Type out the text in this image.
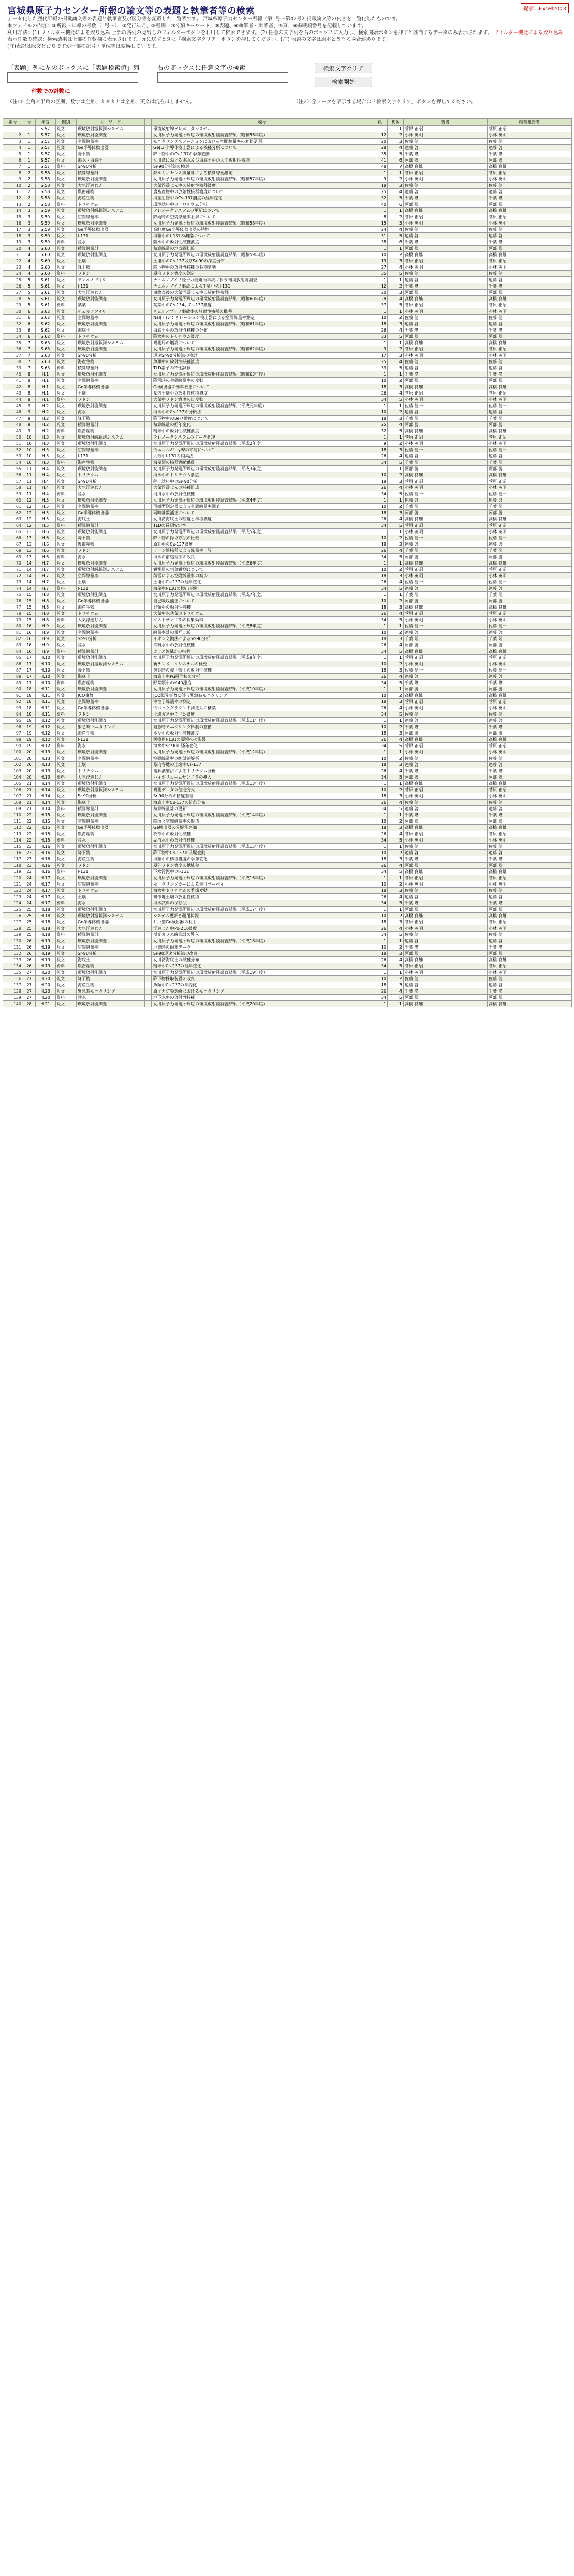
宮城県原子力センター所報の論文等の表題と執筆者等の検索	提示：Excel2003

データ化した歴代所報の掲載論文等の表題と執筆者及び区分等を記載した一覧表です。 宮城県原子力センター所報（第1号〜第42号）掲載論文等の内容を一覧化したものです。

本ファイルの内容：①所報・年報の号数（1号〜）、②発行年月、③種別、④分類キーワード、⑤表題、⑥執筆者・共著者、⑦頁、⑧掲載順番号を記載しています。

利用方法：(1) フィルター機能による絞り込み 上部の各列の見出しのフィルターボタンを利用して検索できます。(2) 任意の文字列を右のボックスに入力し、検索開始ボタンを押すと該当するデータのみ表示されます。 フィルター機能による絞り込み

表示件数の確認：検索結果は上部の件数欄に表示されます。元に戻すときは「検索文字クリア」ボタンを押してください。(注) 表題の文字は原本と異なる場合があります。

(注)表記は原文どおりですが一部の記号・単位等は変換しています。

「表題」列に左のボックスに「表題検索値」列	右のボックスに任意文字の検索	検索文字クリア
検索開始
件数での計数に
（注1）全角と半角の区別、数字は全角、カタカナは全角、英文は混在はしません。	（注2）全データを表示する場合は「検索文字クリア」ボタンを押してください。
番号	号	年度	種別	キーワード		題号	頁	掲載	著者	最初報告者
1	1	S.57	報文	環境放射線観測システム		環境放射線テレメータシステム	1	1	菅原 正昭	菅原 正昭
2	1	S.57	報文	環境放射能調査		女川原子力発電所周辺の環境放射能調査結果（昭和56年度）	12	2	小林 英明	小林 英明
3	1	S.57	報文	空間線量率		モニタリングステーションにおける空間線量率の変動要因	20	3	佐藤 健一	佐藤 健一
4	1	S.57	報文	Ge半導体検出器		Ge(Li)半導体検出器による核種分析について	28	4	遠藤 啓	遠藤 啓
5	1	S.57	報文	降下物		降下物中のCs-137の季節変動	35	5	千葉 隆	千葉 隆
6	1	S.57	報文	海水・海底土		女川湾における海水及び海底土中の人工放射性核種	41	6	阿部 勝	阿部 勝
7	1	S.57	資料	Sr-90分析		Sr-90分析法の検討	48	7	高橋 良雄	高橋 良雄
8	2	S.58	報文	積算線量計		熱ルミネセンス線量計による積算線量測定	1	1	菅原 正昭	菅原 正昭
9	2	S.58	報文	環境放射能調査		女川原子力発電所周辺の環境放射能調査結果（昭和57年度）	9	2	小林 英明	小林 英明
10	2	S.58	報文	大気浮遊じん		大気浮遊じん中の放射性核種濃度	18	3	佐藤 健一	佐藤 健一
11	2	S.58	報文	農畜産物		農畜産物中の放射性核種濃度について	25	4	遠藤 啓	遠藤 啓
12	2	S.58	報文	海産生物		海産生物中のCs-137濃度の経年変化	32	5	千葉 隆	千葉 隆
13	2	S.58	資料	トリチウム		環境試料中のトリチウム分析	40	6	阿部 勝	阿部 勝
14	3	S.59	報文	環境放射線観測システム		テレメータシステムの更新について	1	1	高橋 良雄	高橋 良雄
15	3	S.59	報文	空間線量率		降雨時の空間線量率上昇について	8	2	菅原 正昭	菅原 正昭
16	3	S.59	報文	環境放射能調査		女川原子力発電所周辺の環境放射能調査結果（昭和58年度）	15	3	小林 英明	小林 英明
17	3	S.59	報文	Ge半導体検出器		高純度Ge半導体検出器の特性	24	4	佐藤 健一	佐藤 健一
18	3	S.59	報文	I-131		海藻中のI-131の濃縮について	31	5	遠藤 啓	遠藤 啓
19	3	S.59	資料	陸水		陸水中の放射性核種濃度	38	6	千葉 隆	千葉 隆
20	4	S.60	報文	積算線量計		積算線量の地点間比較	1	1	阿部 勝	阿部 勝
21	4	S.60	報文	環境放射能調査		女川原子力発電所周辺の環境放射能調査結果（昭和59年度）	10	2	高橋 良雄	高橋 良雄
22	4	S.60	報文	土壌		土壌中のCs-137及びSr-90の深度分布	19	3	菅原 正昭	菅原 正昭
23	4	S.60	報文	降下物		降下物中の放射性核種の長期変動	27	4	小林 英明	小林 英明
24	4	S.60	資料	ラドン		屋内ラドン濃度の測定	35	5	佐藤 健一	佐藤 健一
25	5	S.61	報文	チェルノブイリ		チェルノブイリ原子力発電所事故に伴う環境放射能調査	1	1	遠藤 啓	遠藤 啓
26	5	S.61	報文	I-131		チェルノブイリ事故による牛乳中のI-131	12	2	千葉 隆	千葉 隆
27	5	S.61	報文	大気浮遊じん		事故直後の大気浮遊じん中の放射性核種	20	3	阿部 勝	阿部 勝
28	5	S.61	報文	環境放射能調査		女川原子力発電所周辺の環境放射能調査結果（昭和60年度）	28	4	高橋 良雄	高橋 良雄
29	5	S.61	資料	葉菜		葉菜中のCs-134、Cs-137濃度	37	5	菅原 正昭	菅原 正昭
30	6	S.62	報文	チェルノブイリ		チェルノブイリ事故後の放射性核種の推移	1	1	小林 英明	小林 英明
31	6	S.62	報文	空間線量率		NaI(Tl)シンチレーション検出器による空間線量率測定	10	2	佐藤 健一	佐藤 健一
32	6	S.62	報文	環境放射能調査		女川原子力発電所周辺の環境放射能調査結果（昭和61年度）	18	3	遠藤 啓	遠藤 啓
33	6	S.62	報文	海底土		海底土中の放射性核種の分布	26	4	千葉 隆	千葉 隆
34	6	S.62	資料	トリチウム		降水中のトリチウム濃度	33	5	阿部 勝	阿部 勝
35	7	S.63	報文	環境放射線観測システム		観測局の増設について	1	1	高橋 良雄	高橋 良雄
36	7	S.63	報文	環境放射能調査		女川原子力発電所周辺の環境放射能調査結果（昭和62年度）	9	2	菅原 正昭	菅原 正昭
37	7	S.63	報文	Sr-90分析		迅速Sr-90分析法の検討	17	3	小林 英明	小林 英明
38	7	S.63	報文	海産生物		魚類中の放射性核種濃度	25	4	佐藤 健一	佐藤 健一
39	7	S.63	資料	積算線量計		TLD素子の特性試験	33	5	遠藤 啓	遠藤 啓
40	8	H.1	報文	環境放射能調査		女川原子力発電所周辺の環境放射能調査結果（昭和63年度）	1	1	千葉 隆	千葉 隆
41	8	H.1	報文	空間線量率		降雪時の空間線量率の変動	10	2	阿部 勝	阿部 勝
42	8	H.1	報文	Ge半導体検出器		Ge検出器の効率校正について	18	3	高橋 良雄	高橋 良雄
43	8	H.1	報文	土壌		県内土壌中の放射性核種濃度	26	4	菅原 正昭	菅原 正昭
44	8	H.1	資料	ラドン		大気中ラドン濃度の日変動	34	5	小林 英明	小林 英明
45	9	H.2	報文	環境放射能調査		女川原子力発電所周辺の環境放射能調査結果（平成元年度）	1	1	佐藤 健一	佐藤 健一
46	9	H.2	報文	海水		海水中のCs-137の分析法	10	2	遠藤 啓	遠藤 啓
47	9	H.2	報文	降下物		降下物中のBe-7濃度について	18	3	千葉 隆	千葉 隆
48	9	H.2	報文	積算線量計		積算線量の経年変化	25	4	阿部 勝	阿部 勝
49	9	H.2	資料	農畜産物		精米中の放射性核種濃度	32	5	高橋 良雄	高橋 良雄
50	10	H.3	報文	環境放射線観測システム		テレメータシステムのデータ処理	1	1	菅原 正昭	菅原 正昭
51	10	H.3	報文	環境放射能調査		女川原子力発電所周辺の環境放射能調査結果（平成2年度）	9	2	小林 英明	小林 英明
52	10	H.3	報文	空間線量率		低エネルギーγ線の寄与について	18	3	佐藤 健一	佐藤 健一
53	10	H.3	報文	I-131		大気中I-131の捕集法	26	4	遠藤 啓	遠藤 啓
54	10	H.3	資料	海産生物		海藻類の核種濃縮係数	34	5	千葉 隆	千葉 隆
55	11	H.4	報文	環境放射能調査		女川原子力発電所周辺の環境放射能調査結果（平成3年度）	1	1	阿部 勝	阿部 勝
56	11	H.4	報文	トリチウム		海水中のトリチウム濃度	10	2	高橋 良雄	高橋 良雄
57	11	H.4	報文	Sr-90分析		陸上試料中のSr-90分析	18	3	菅原 正昭	菅原 正昭
58	11	H.4	報文	大気浮遊じん		大気浮遊じんの核種組成	26	4	小林 英明	小林 英明
59	11	H.4	資料	陸水		河川水中の放射性核種	34	5	佐藤 健一	佐藤 健一
60	12	H.5	報文	環境放射能調査		女川原子力発電所周辺の環境放射能調査結果（平成4年度）	1	1	遠藤 啓	遠藤 啓
61	12	H.5	報文	空間線量率		可搬型測定器による空間線量率調査	10	2	千葉 隆	千葉 隆
62	12	H.5	報文	Ge半導体検出器		同時計数補正について	18	3	阿部 勝	阿部 勝
63	12	H.5	報文	海底土		女川湾海底土の粒度と核種濃度	26	4	高橋 良雄	高橋 良雄
64	12	H.5	資料	積算線量計		TLDの長期安定性	34	5	菅原 正昭	菅原 正昭
65	13	H.6	報文	環境放射能調査		女川原子力発電所周辺の環境放射能調査結果（平成5年度）	1	1	小林 英明	小林 英明
66	13	H.6	報文	降下物		降下物の採取方法の比較	10	2	佐藤 健一	佐藤 健一
67	13	H.6	報文	農畜産物		原乳中のCs-137濃度	18	3	遠藤 啓	遠藤 啓
68	13	H.6	報文	ラドン		ラドン娘核種による線量率上昇	26	4	千葉 隆	千葉 隆
69	13	H.6	資料	海水		海水の前処理法の改良	34	5	阿部 勝	阿部 勝
70	14	H.7	報文	環境放射能調査		女川原子力発電所周辺の環境放射能調査結果（平成6年度）	1	1	高橋 良雄	高橋 良雄
71	14	H.7	報文	環境放射線観測システム		観測局の気象観測について	10	2	菅原 正昭	菅原 正昭
72	14	H.7	報文	空間線量率		積雪による空間線量率の減少	18	3	小林 英明	小林 英明
73	14	H.7	報文	土壌		土壌中Cs-137の経年変化	26	4	佐藤 健一	佐藤 健一
74	14	H.7	資料	I-131		海藻中I-131の検出事例	34	5	遠藤 啓	遠藤 啓
75	15	H.8	報文	環境放射能調査		女川原子力発電所周辺の環境放射能調査結果（平成7年度）	1	1	千葉 隆	千葉 隆
76	15	H.8	報文	Ge半導体検出器		自己吸収補正について	10	2	阿部 勝	阿部 勝
77	15	H.8	報文	海産生物		貝類中の放射性核種	18	3	高橋 良雄	高橋 良雄
78	15	H.8	報文	トリチウム		大気中水蒸気のトリチウム	26	4	菅原 正昭	菅原 正昭
79	15	H.8	資料	大気浮遊じん		ダストサンプラの捕集効率	34	5	小林 英明	小林 英明
80	16	H.9	報文	環境放射能調査		女川原子力発電所周辺の環境放射能調査結果（平成8年度）	1	1	佐藤 健一	佐藤 健一
81	16	H.9	報文	空間線量率		線量率計の相互比較	10	2	遠藤 啓	遠藤 啓
82	16	H.9	報文	Sr-90分析		イオン交換法によるSr-90分析	18	3	千葉 隆	千葉 隆
83	16	H.9	報文	陸水		飲料水中の放射性核種	26	4	阿部 勝	阿部 勝
84	16	H.9	資料	積算線量計		ガラス線量計の特性	34	5	高橋 良雄	高橋 良雄
85	17	H.10	報文	環境放射能調査		女川原子力発電所周辺の環境放射能調査結果（平成9年度）	1	1	菅原 正昭	菅原 正昭
86	17	H.10	報文	環境放射線観測システム		新テレメータシステムの概要	10	2	小林 英明	小林 英明
87	17	H.10	報文	降下物		黄砂時の降下物中の放射性核種	18	3	佐藤 健一	佐藤 健一
88	17	H.10	報文	海底土		海底土中Pu同位体の分析	26	4	遠藤 啓	遠藤 啓
89	17	H.10	資料	農畜産物		野菜類中のK-40濃度	34	5	千葉 隆	千葉 隆
90	18	H.11	報文	環境放射能調査		女川原子力発電所周辺の環境放射能調査結果（平成10年度）	1	1	阿部 勝	阿部 勝
91	18	H.11	報文	JCO事故		JCO臨界事故に伴う緊急時モニタリング	10	2	高橋 良雄	高橋 良雄
92	18	H.11	報文	空間線量率		中性子線量率の測定	18	3	菅原 正昭	菅原 正昭
93	18	H.11	報文	Ge半導体検出器		低バックグラウンド測定系の構築	26	4	小林 英明	小林 英明
94	18	H.11	資料	ラドン		土壌ガス中ラドン濃度	34	5	佐藤 健一	佐藤 健一
95	19	H.12	報文	環境放射能調査		女川原子力発電所周辺の環境放射能調査結果（平成11年度）	1	1	遠藤 啓	遠藤 啓
96	19	H.12	報文	緊急時モニタリング		緊急時モニタリング体制の整備	10	2	千葉 隆	千葉 隆
97	19	H.12	報文	海産生物		ホヤ中の放射性核種濃度	18	3	阿部 勝	阿部 勝
98	19	H.12	報文	I-131		医療用I-131の環境への影響	26	4	高橋 良雄	高橋 良雄
99	19	H.12	資料	海水		海水中Sr-90の経年変化	34	5	菅原 正昭	菅原 正昭
100	20	H.13	報文	環境放射能調査		女川原子力発電所周辺の環境放射能調査結果（平成12年度）	1	1	小林 英明	小林 英明
101	20	H.13	報文	空間線量率		空間線量率の統計的解析	10	2	佐藤 健一	佐藤 健一
102	20	H.13	報文	土壌		県内各地の土壌中Cs-137	18	3	遠藤 啓	遠藤 啓
103	20	H.13	報文	トリチウム		電解濃縮法によるトリチウム分析	26	4	千葉 隆	千葉 隆
104	20	H.13	資料	大気浮遊じん		ハイボリュームサンプラの導入	34	5	阿部 勝	阿部 勝
105	21	H.14	報文	環境放射能調査		女川原子力発電所周辺の環境放射能調査結果（平成13年度）	1	1	高橋 良雄	高橋 良雄
106	21	H.14	報文	環境放射線観測システム		観測データの伝送方式	10	2	菅原 正昭	菅原 正昭
107	21	H.14	報文	Sr-90分析		Sr-90分析の精度管理	18	3	小林 英明	小林 英明
108	21	H.14	報文	海底土		海底土中Cs-137の鉛直分布	26	4	佐藤 健一	佐藤 健一
109	21	H.14	資料	積算線量計		積算線量計の更新	34	5	遠藤 啓	遠藤 啓
110	22	H.15	報文	環境放射能調査		女川原子力発電所周辺の環境放射能調査結果（平成14年度）	1	1	千葉 隆	千葉 隆
111	22	H.15	報文	空間線量率		降雨と空間線量率の関係	10	2	阿部 勝	阿部 勝
112	22	H.15	報文	Ge半導体検出器		Ge検出器の分解能評価	18	3	高橋 良雄	高橋 良雄
113	22	H.15	報文	農畜産物		牧草中の放射性核種	26	4	菅原 正昭	菅原 正昭
114	22	H.15	資料	陸水		湖沼水中の放射性核種	34	5	小林 英明	小林 英明
115	23	H.16	報文	環境放射能調査		女川原子力発電所周辺の環境放射能調査結果（平成15年度）	1	1	佐藤 健一	佐藤 健一
116	23	H.16	報文	降下物		降下物中Cs-137の長期変動	10	2	遠藤 啓	遠藤 啓
117	23	H.16	報文	海産生物		海藻中の核種濃度の季節変化	18	3	千葉 隆	千葉 隆
118	23	H.16	報文	ラドン		屋外ラドン濃度の地域差	26	4	阿部 勝	阿部 勝
119	23	H.16	資料	I-131		下水汚泥中のI-131	34	5	高橋 良雄	高橋 良雄
120	24	H.17	報文	環境放射能調査		女川原子力発電所周辺の環境放射能調査結果（平成16年度）	1	1	菅原 正昭	菅原 正昭
121	24	H.17	報文	空間線量率		モニタリングカーによる走行サーベイ	10	2	小林 英明	小林 英明
122	24	H.17	報文	トリチウム		海水中トリチウムの季節変動	18	3	佐藤 健一	佐藤 健一
123	24	H.17	報文	土壌		耕作地土壌の放射性核種	26	4	遠藤 啓	遠藤 啓
124	24	H.17	資料	海水		海水試料の保存法	34	5	千葉 隆	千葉 隆
125	25	H.18	報文	環境放射能調査		女川原子力発電所周辺の環境放射能調査結果（平成17年度）	1	1	阿部 勝	阿部 勝
126	25	H.18	報文	環境放射線観測システム		システム更新と運用状況	10	2	高橋 良雄	高橋 良雄
127	25	H.18	報文	Ge半導体検出器		井戸型Ge検出器の利用	18	3	菅原 正昭	菅原 正昭
128	25	H.18	報文	大気浮遊じん		浮遊じん中Pb-210濃度	26	4	小林 英明	小林 英明
129	25	H.18	資料	積算線量計		蛍光ガラス線量計の導入	34	5	佐藤 健一	佐藤 健一
130	26	H.19	報文	環境放射能調査		女川原子力発電所周辺の環境放射能調査結果（平成18年度）	1	1	遠藤 啓	遠藤 啓
131	26	H.19	報文	空間線量率		地震時の観測データ	10	2	千葉 隆	千葉 隆
132	26	H.19	報文	Sr-90分析		Sr-90迅速分析法の改良	18	3	阿部 勝	阿部 勝
133	26	H.19	報文	海底土		女川湾海底土の核種分布	26	4	高橋 良雄	高橋 良雄
134	26	H.19	資料	農畜産物		精米中Cs-137の経年変化	34	5	菅原 正昭	菅原 正昭
135	27	H.20	報文	環境放射能調査		女川原子力発電所周辺の環境放射能調査結果（平成19年度）	1	1	小林 英明	小林 英明
136	27	H.20	報文	降下物		降下物採取装置の改良	10	2	佐藤 健一	佐藤 健一
137	27	H.20	報文	海産生物		魚類中Cs-137の年変化	18	3	遠藤 啓	遠藤 啓
138	27	H.20	報文	緊急時モニタリング		原子力防災訓練におけるモニタリング	26	4	千葉 隆	千葉 隆
139	27	H.20	資料	陸水		地下水中の放射性核種	34	5	阿部 勝	阿部 勝
140	28	H.21	報文	環境放射能調査		女川原子力発電所周辺の環境放射能調査結果（平成20年度）	1	1	高橋 良雄	高橋 良雄
